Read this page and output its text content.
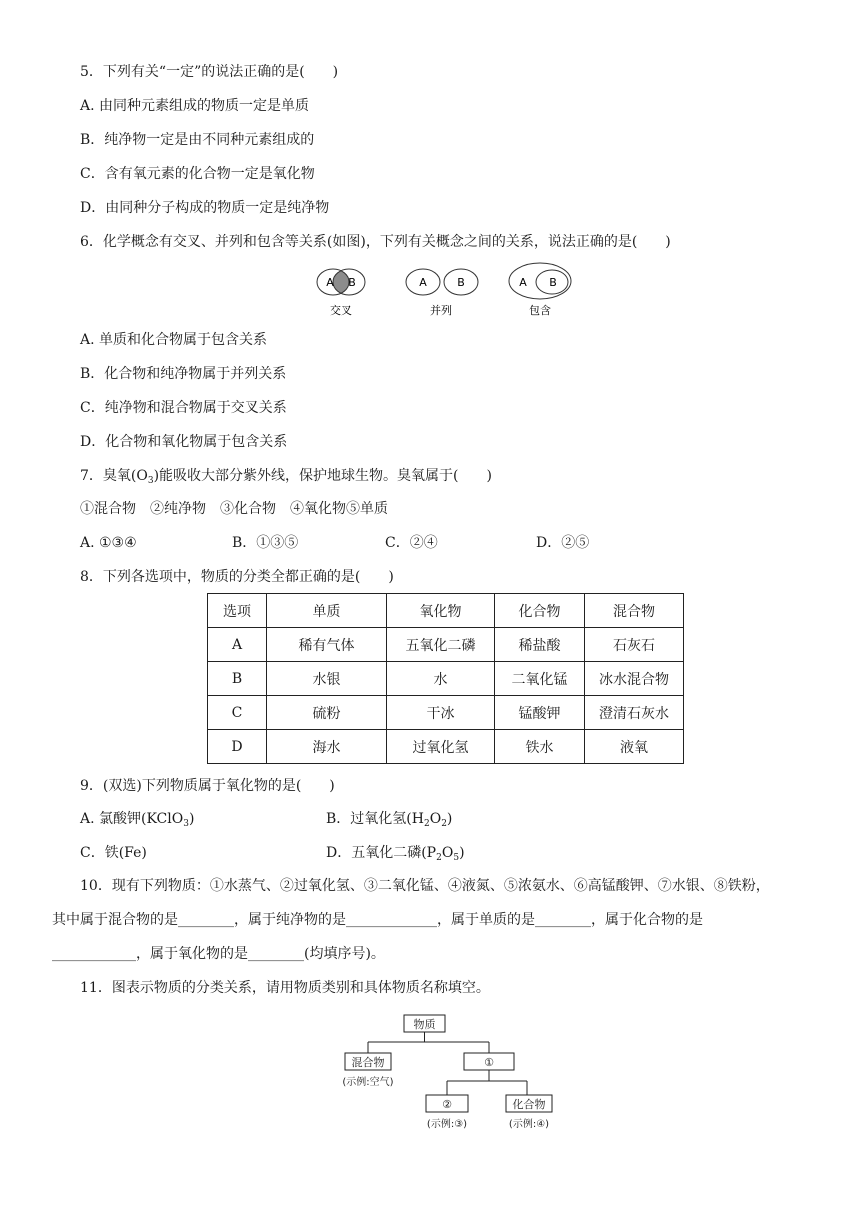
5．下列有关“一定”的说法正确的是(　　)
A. 由同种元素组成的物质一定是单质
B．纯净物一定是由不同种元素组成的
C．含有氧元素的化合物一定是氧化物
D．由同种分子构成的物质一定是纯净物
6．化学概念有交叉、并列和包含等关系(如图)，下列有关概念之间的关系，说法正确的是(　　)
A B
交叉
A	B
并列
A B
包含
A. 单质和化合物属于包含关系
B．化合物和纯净物属于并列关系
C．纯净物和混合物属于交叉关系
D．化合物和氧化物属于包含关系
7．臭氧$(O_3)$能吸收大部分紫外线，保护地球生物。臭氧属于(　　)
①混合物　②纯净物　③化合物　④氧化物⑤单质
A. ①③④	B．①③⑤	C．②④	D．②⑤
8．下列各选项中，物质的分类全都正确的是(　　)
选项	单质	氧化物	化合物	混合物
A	稀有气体	五氧化二磷	稀盐酸	石灰石
B	水银	水	二氧化锰	冰水混合物
C	硫粉	干冰	锰酸钾	澄清石灰水
D	海水	过氧化氢	铁水	液氧
9．(双选)下列物质属于氧化物的是(　　)
A. 氯酸钾(KClO$_3$)	B．过氧化氢$(H_2O_2)$
C．铁(Fe)	D．五氧化二磷$(P_2O_5)$
10．现有下列物质：①水蒸气、②过氧化氢、③二氧化锰、④液氮、⑤浓氨水、⑥高锰酸钾、⑦水银、⑧铁粉，
其中属于混合物的是________，属于纯净物的是_____________，属于单质的是________，属于化合物的是
____________，属于氧化物的是________(均填序号)。
11．图表示物质的分类关系，请用物质类别和具体物质名称填空。
物质
混合物
(示例:空气)
①
②
(示例:③)
化合物
(示例:④)
